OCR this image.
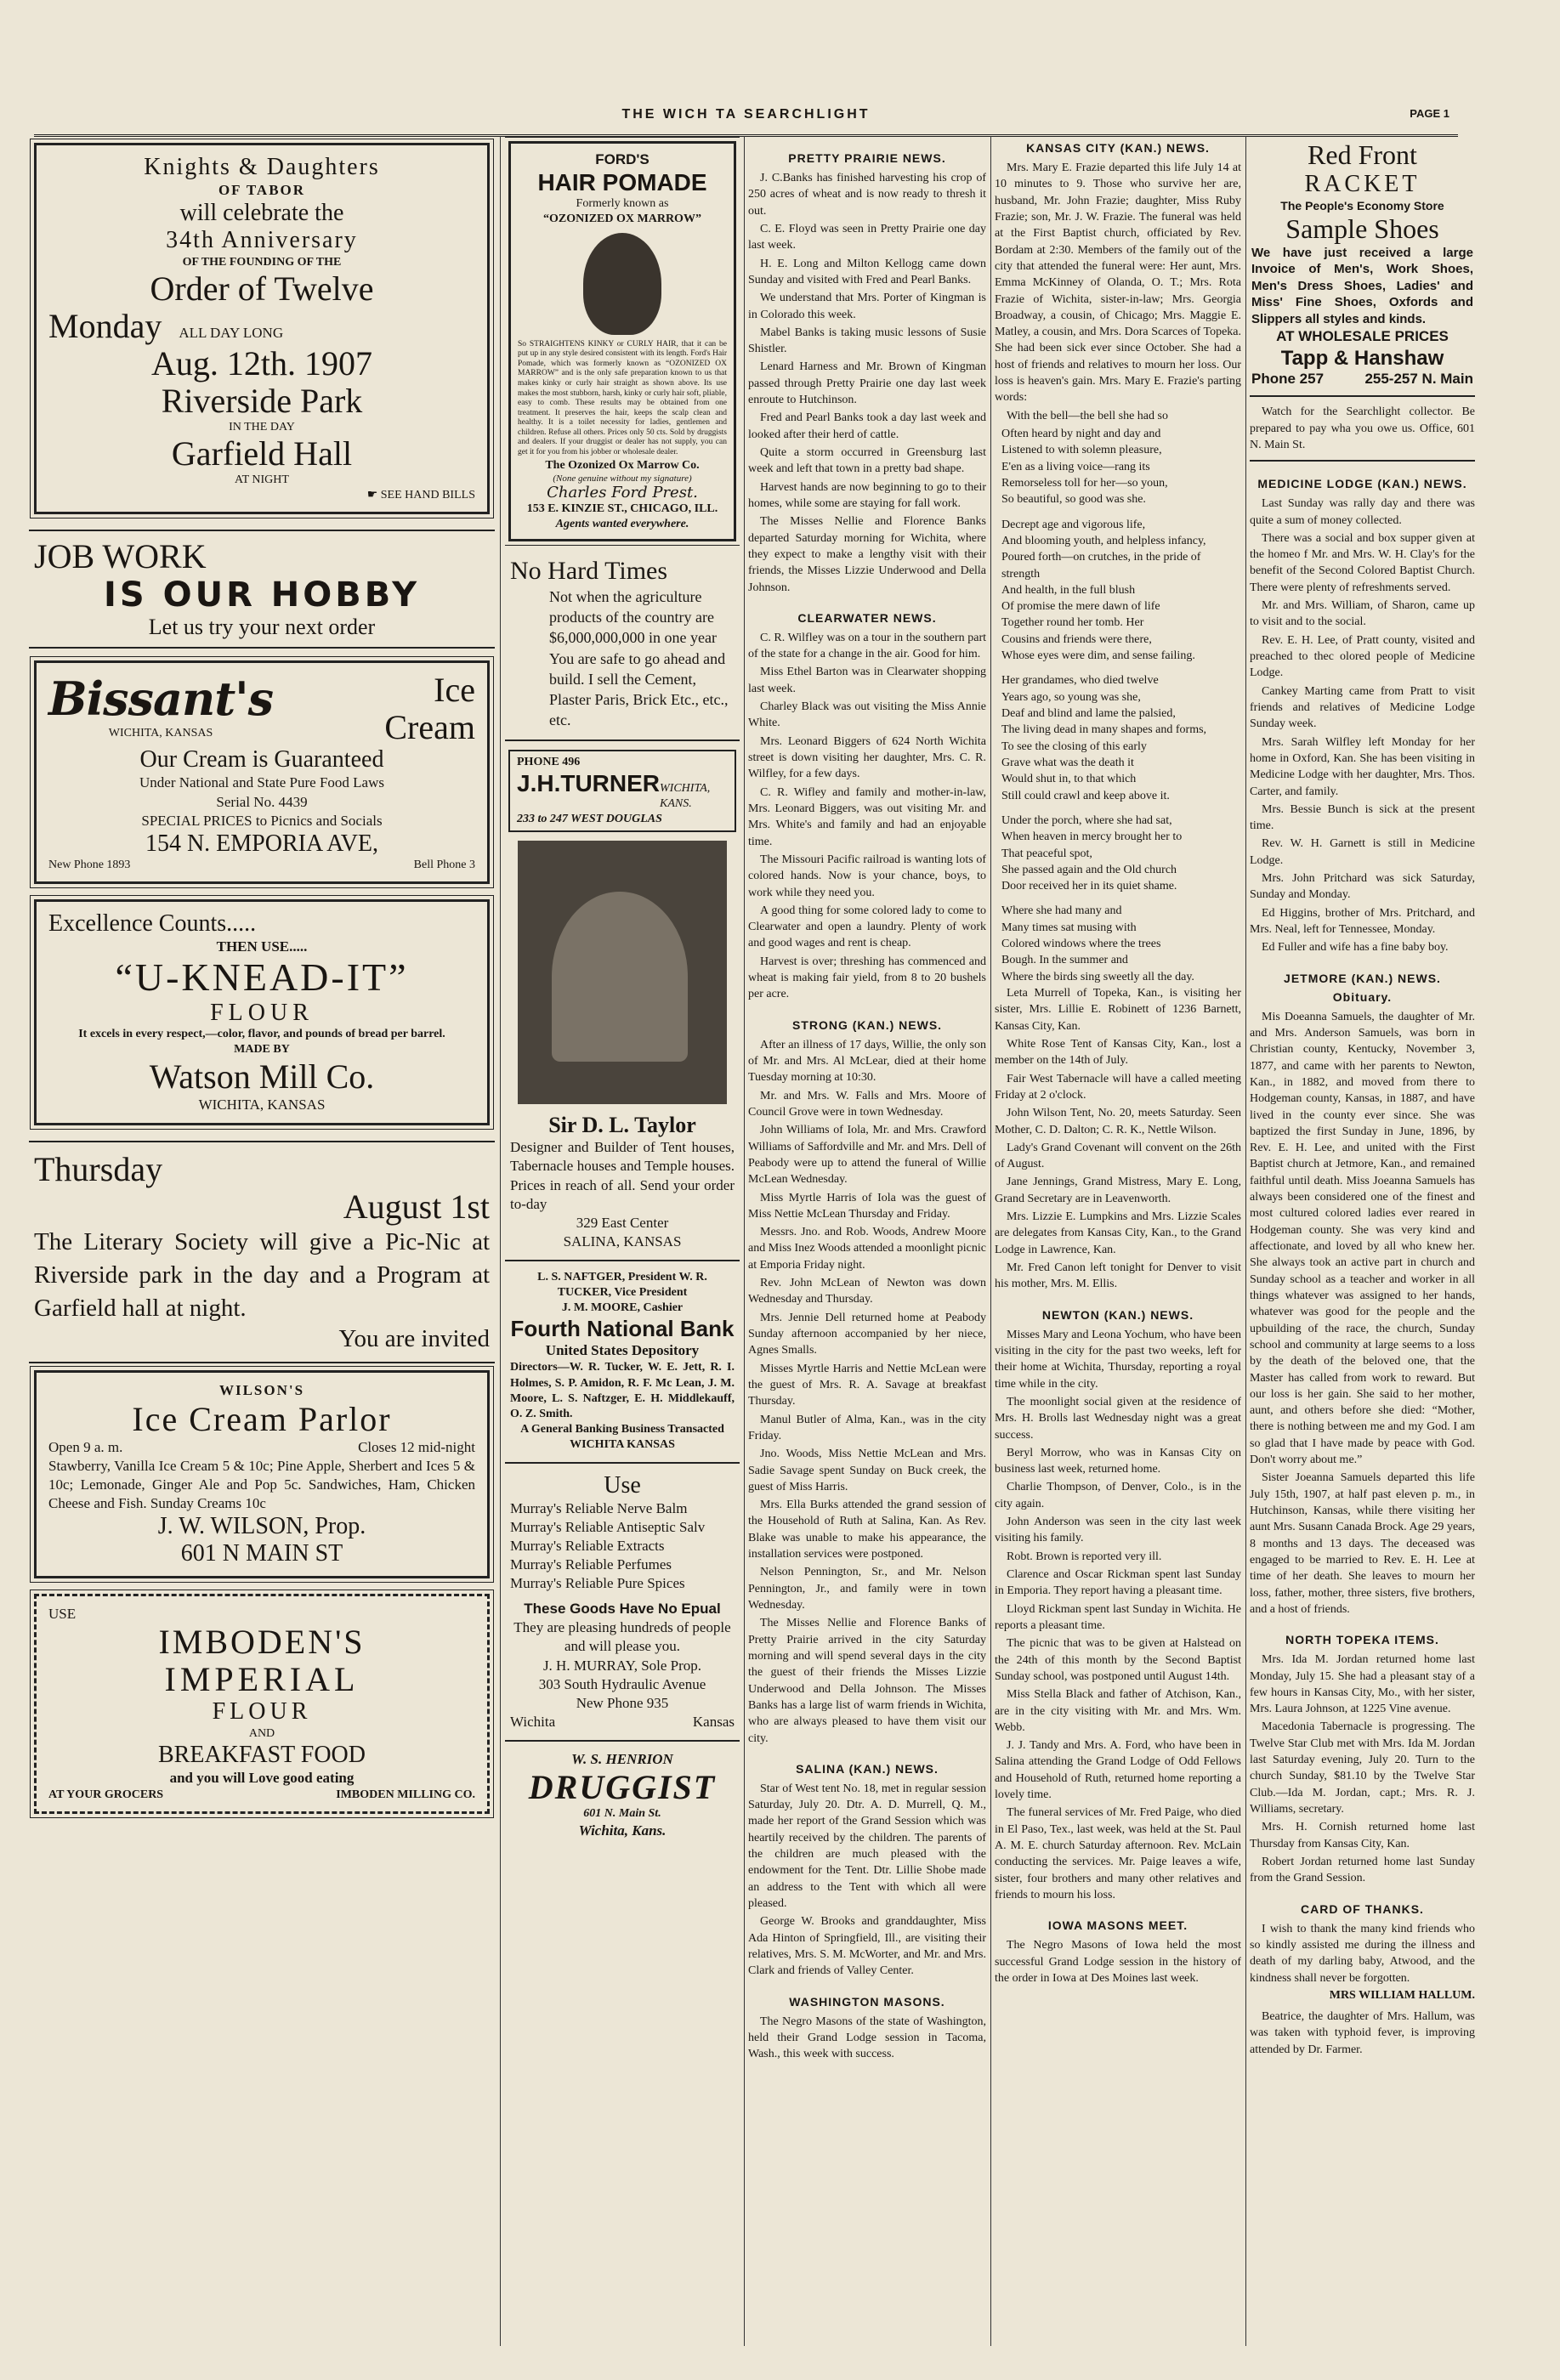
THE WICH TA SEARCHLIGHT	PAGE 1
Knights & Daughters
OF TABOR
will celebrate the
34th Anniversary
OF THE FOUNDING OF THE
Order of Twelve
Monday ALL DAY LONG
Aug. 12th. 1907
Riverside Park
IN THE DAY
Garfield Hall
AT NIGHT
☛ SEE HAND BILLS
JOB WORK
IS OUR HOBBY
Let us try your next order
Bissant's
WICHITA, KANSAS
Ice
Cream
Our Cream is Guaranteed
Under National and State Pure Food Laws
Serial No. 4439
SPECIAL PRICES to Picnics and Socials
154 N. EMPORIA AVE,
New Phone 1893	Bell Phone 3
Excellence Counts.....
THEN USE.....
“U-KNEAD-IT”
FLOUR
It excels in every respect,—color, flavor, and pounds of bread per barrel.
MADE BY
Watson Mill Co.
WICHITA, KANSAS
Thursday
August 1st
The Literary Society will give a Pic-Nic at Riverside park in the day and a Program at Garfield hall at night.
You are invited
WILSON'S
Ice Cream Parlor
Open 9 a. m.	Closes 12 mid-night
Stawberry, Vanilla Ice Cream 5 & 10c; Pine Apple, Sherbert and Ices 5 & 10c; Lemonade, Ginger Ale and Pop 5c. Sandwiches, Ham, Chicken Cheese and Fish. Sunday Creams 10c
J. W. WILSON, Prop.
601 N MAIN ST
USE
IMBODEN'S
IMPERIAL
FLOUR
AND
BREAKFAST FOOD
and you will Love good eating
AT YOUR GROCERS	IMBODEN MILLING CO.
FORD'S
HAIR POMADE
Formerly known as
“OZONIZED OX MARROW”
So STRAIGHTENS KINKY or CURLY HAIR, that it can be put up in any style desired consistent with its length. Ford's Hair Pomade, which was formerly known as “OZONIZED OX MARROW” and is the only safe preparation known to us that makes kinky or curly hair straight as shown above. Its use makes the most stubborn, harsh, kinky or curly hair soft, pliable, easy to comb. These results may be obtained from one treatment. It preserves the hair, keeps the scalp clean and healthy. It is a toilet necessity for ladies, gentlemen and children. Refuse all others. Prices only 50 cts. Sold by druggists and dealers. If your druggist or dealer has not supply, you can get it for you from his jobber or wholesale dealer.
The Ozonized Ox Marrow Co.
(None genuine without my signature)
Charles Ford Prest.
153 E. KINZIE ST., CHICAGO, ILL.
Agents wanted everywhere.
No Hard Times
Not when the agriculture products of the country are $6,000,000,000 in one year You are safe to go ahead and build. I sell the Cement, Plaster Paris, Brick Etc., etc., etc.
PHONE 496
J.H.TURNER WICHITA, KANS.
233 to 247 WEST DOUGLAS
Sir D. L. Taylor
Designer and Builder of Tent houses, Tabernacle houses and Temple houses. Prices in reach of all. Send your order to-day
329 East Center
SALINA, KANSAS
L. S. NAFTGER, President W. R. TUCKER, Vice President
J. M. MOORE, Cashier
Fourth National Bank
United States Depository
Directors—W. R. Tucker, W. E. Jett, R. I. Holmes, S. P. Amidon, R. F. Mc Lean, J. M. Moore, L. S. Naftzger, E. H. Middlekauff, O. Z. Smith.
A General Banking Business Transacted
WICHITA KANSAS
Use
Murray's Reliable Nerve Balm
Murray's Reliable Antiseptic Salv
Murray's Reliable Extracts
Murray's Reliable Perfumes
Murray's Reliable Pure Spices
These Goods Have No Epual
They are pleasing hundreds of people and will please you.
J. H. MURRAY, Sole Prop.
303 South Hydraulic Avenue
New Phone 935
Wichita	Kansas
W. S. HENRION
DRUGGIST
601 N. Main St.
Wichita, Kans.
PRETTY PRAIRIE NEWS.

J. C.Banks has finished harvesting his crop of 250 acres of wheat and is now ready to thresh it out.

C. E. Floyd was seen in Pretty Prairie one day last week.

H. E. Long and Milton Kellogg came down Sunday and visited with Fred and Pearl Banks.

We understand that Mrs. Porter of Kingman is in Colorado this week.

Mabel Banks is taking music lessons of Susie Shistler.

Lenard Harness and Mr. Brown of Kingman passed through Pretty Prairie one day last week enroute to Hutchinson.

Fred and Pearl Banks took a day last week and looked after their herd of cattle.

Quite a storm occurred in Greensburg last week and left that town in a pretty bad shape.

Harvest hands are now beginning to go to their homes, while some are staying for fall work.

The Misses Nellie and Florence Banks departed Saturday morning for Wichita, where they expect to make a lengthy visit with their friends, the Misses Lizzie Underwood and Della Johnson.

CLEARWATER NEWS.

C. R. Wilfley was on a tour in the southern part of the state for a change in the air. Good for him.

Miss Ethel Barton was in Clearwater shopping last week.

Charley Black was out visiting the Miss Annie White.

Mrs. Leonard Biggers of 624 North Wichita street is down visiting her daughter, Mrs. C. R. Wilfley, for a few days.

C. R. Wifley and family and mother-in-law, Mrs. Leonard Biggers, was out visiting Mr. and Mrs. White's and family and had an enjoyable time.

The Missouri Pacific railroad is wanting lots of colored hands. Now is your chance, boys, to work while they need you.

A good thing for some colored lady to come to Clearwater and open a laundry. Plenty of work and good wages and rent is cheap.

Harvest is over; threshing has commenced and wheat is making fair yield, from 8 to 20 bushels per acre.

STRONG (KAN.) NEWS.

After an illness of 17 days, Willie, the only son of Mr. and Mrs. Al McLear, died at their home Tuesday morning at 10:30.

Mr. and Mrs. W. Falls and Mrs. Moore of Council Grove were in town Wednesday.

John Williams of Iola, Mr. and Mrs. Crawford Williams of Saffordville and Mr. and Mrs. Dell of Peabody were up to attend the funeral of Willie McLean Wednesday.

Miss Myrtle Harris of Iola was the guest of Miss Nettie McLean Thursday and Friday.

Messrs. Jno. and Rob. Woods, Andrew Moore and Miss Inez Woods attended a moonlight picnic at Emporia Friday night.

Rev. John McLean of Newton was down Wednesday and Thursday.

Mrs. Jennie Dell returned home at Peabody Sunday afternoon accompanied by her niece, Agnes Smalls.

Misses Myrtle Harris and Nettie McLean were the guest of Mrs. R. A. Savage at breakfast Thursday.

Manul Butler of Alma, Kan., was in the city Friday.

Jno. Woods, Miss Nettie McLean and Mrs. Sadie Savage spent Sunday on Buck creek, the guest of Miss Harris.

Mrs. Ella Burks attended the grand session of the Household of Ruth at Salina, Kan. As Rev. Blake was unable to make his appearance, the installation services were postponed.

Nelson Pennington, Sr., and Mr. Nelson Pennington, Jr., and family were in town Wednesday.

The Misses Nellie and Florence Banks of Pretty Prairie arrived in the city Saturday morning and will spend several days in the city the guest of their friends the Misses Lizzie Underwood and Della Johnson. The Misses Banks has a large list of warm friends in Wichita, who are always pleased to have them visit our city.

SALINA (KAN.) NEWS.

Star of West tent No. 18, met in regular session Saturday, July 20. Dtr. A. D. Murrell, Q. M., made her report of the Grand Session which was heartily received by the children. The parents of the children are much pleased with the endowment for the Tent. Dtr. Lillie Shobe made an address to the Tent with which all were pleased.

George W. Brooks and granddaughter, Miss Ada Hinton of Springfield, Ill., are visiting their relatives, Mrs. S. M. McWorter, and Mr. and Mrs. Clark and friends of Valley Center.

WASHINGTON MASONS.

The Negro Masons of the state of Washington, held their Grand Lodge session in Tacoma, Wash., this week with success.

KANSAS CITY (KAN.) NEWS.

Mrs. Mary E. Frazie departed this life July 14 at 10 minutes to 9. Those who survive her are, husband, Mr. John Frazie; daughter, Miss Ruby Frazie; son, Mr. J. W. Frazie. The funeral was held at the First Baptist church, officiated by Rev. Bordam at 2:30. Members of the family out of the city that attended the funeral were: Her aunt, Mrs. Emma McKinney of Olanda, O. T.; Mrs. Rota Frazie of Wichita, sister-in-law; Mrs. Georgia Broadway, a cousin, of Chicago; Mrs. Maggie E. Matley, a cousin, and Mrs. Dora Scarces of Topeka. She had been sick ever since October. She had a host of friends and relatives to mourn her loss. Our loss is heaven's gain. Mrs. Mary E. Frazie's parting words:

With the bell—the bell she had so

Often heard by night and day and
Listened to with solemn pleasure,
E'en as a living voice—rang its
Remorseless toll for her—so youn,
So beautiful, so good was she.
Decrept age and vigorous life,
And blooming youth, and helpless infancy,
Poured forth—on crutches, in the pride of strength
And health, in the full blush
Of promise the mere dawn of life
Together round her tomb. Her
Cousins and friends were there,
Whose eyes were dim, and sense failing.
Her grandames, who died twelve
Years ago, so young was she,
Deaf and blind and lame the palsied,
The living dead in many shapes and forms,
To see the closing of this early
Grave what was the death it
Would shut in, to that which
Still could crawl and keep above it.
Under the porch, where she had sat,
When heaven in mercy brought her to
That peaceful spot,
She passed again and the Old church
Door received her in its quiet shame.
Where she had many and
Many times sat musing with
Colored windows where the trees
Bough. In the summer and
Where the birds sing sweetly all the day.

Leta Murrell of Topeka, Kan., is visiting her sister, Mrs. Lillie E. Robinett of 1236 Barnett, Kansas City, Kan.

White Rose Tent of Kansas City, Kan., lost a member on the 14th of July.

Fair West Tabernacle will have a called meeting Friday at 2 o'clock.

John Wilson Tent, No. 20, meets Saturday. Seen Mother, C. D. Dalton; C. R. K., Nettle Wilson.

Lady's Grand Covenant will convent on the 26th of August.

Jane Jennings, Grand Mistress, Mary E. Long, Grand Secretary are in Leavenworth.

Mrs. Lizzie E. Lumpkins and Mrs. Lizzie Scales are delegates from Kansas City, Kan., to the Grand Lodge in Lawrence, Kan.

Mr. Fred Canon left tonight for Denver to visit his mother, Mrs. M. Ellis.

NEWTON (KAN.) NEWS.

Misses Mary and Leona Yochum, who have been visiting in the city for the past two weeks, left for their home at Wichita, Thursday, reporting a royal time while in the city.

The moonlight social given at the residence of Mrs. H. Brolls last Wednesday night was a great success.

Beryl Morrow, who was in Kansas City on business last week, returned home.

Charlie Thompson, of Denver, Colo., is in the city again.

John Anderson was seen in the city last week visiting his family.

Robt. Brown is reported very ill.

Clarence and Oscar Rickman spent last Sunday in Emporia. They report having a pleasant time.

Lloyd Rickman spent last Sunday in Wichita. He reports a pleasant time.

The picnic that was to be given at Halstead on the 24th of this month by the Second Baptist Sunday school, was postponed until August 14th.

Miss Stella Black and father of Atchison, Kan., are in the city visiting with Mr. and Mrs. Wm. Webb.

J. J. Tandy and Mrs. A. Ford, who have been in Salina attending the Grand Lodge of Odd Fellows and Household of Ruth, returned home reporting a lovely time.

The funeral services of Mr. Fred Paige, who died in El Paso, Tex., last week, was held at the St. Paul A. M. E. church Saturday afternoon. Rev. McLain conducting the services. Mr. Paige leaves a wife, sister, four brothers and many other relatives and friends to mourn his loss.

IOWA MASONS MEET.

The Negro Masons of Iowa held the most successful Grand Lodge session in the history of the order in Iowa at Des Moines last week.

Red Front
RACKET
The People's Economy Store
Sample Shoes
We have just received a large Invoice of Men's, Work Shoes, Men's Dress Shoes, Ladies' and Miss' Fine Shoes, Oxfords and Slippers all styles and kinds.
AT WHOLESALE PRICES
Tapp & Hanshaw
Phone 257	255-257 N. Main

Watch for the Searchlight collector. Be prepared to pay wha you owe us. Office, 601 N. Main St.

MEDICINE LODGE (KAN.) NEWS.

Last Sunday was rally day and there was quite a sum of money collected.

There was a social and box supper given at the homeo f Mr. and Mrs. W. H. Clay's for the benefit of the Second Colored Baptist Church. There were plenty of refreshments served.

Mr. and Mrs. William, of Sharon, came up to visit and to the social.

Rev. E. H. Lee, of Pratt county, visited and preached to thec olored people of Medicine Lodge.

Cankey Marting came from Pratt to visit friends and relatives of Medicine Lodge Sunday week.

Mrs. Sarah Wilfley left Monday for her home in Oxford, Kan. She has been visiting in Medicine Lodge with her daughter, Mrs. Thos. Carter, and family.

Mrs. Bessie Bunch is sick at the present time.

Rev. W. H. Garnett is still in Medicine Lodge.

Mrs. John Pritchard was sick Saturday, Sunday and Monday.

Ed Higgins, brother of Mrs. Pritchard, and Mrs. Neal, left for Tennessee, Monday.

Ed Fuller and wife has a fine baby boy.

JETMORE (KAN.) NEWS.
Obituary.

Mis Doeanna Samuels, the daughter of Mr. and Mrs. Anderson Samuels, was born in Christian county, Kentucky, November 3, 1877, and came with her parents to Newton, Kan., in 1882, and moved from there to Hodgeman county, Kansas, in 1887, and have lived in the county ever since. She was baptized the first Sunday in June, 1896, by Rev. E. H. Lee, and united with the First Baptist church at Jetmore, Kan., and remained faithful until death. Miss Joeanna Samuels has always been considered one of the finest and most cultured colored ladies ever reared in Hodgeman county. She was very kind and affectionate, and loved by all who knew her. She always took an active part in church and Sunday school as a teacher and worker in all things whatever was assigned to her hands, whatever was good for the people and the upbuilding of the race, the church, Sunday school and community at large seems to a loss by the death of the beloved one, that the Master has called from work to reward. But our loss is her gain. She said to her mother, aunt, and others before she died: “Mother, there is nothing between me and my God. I am so glad that I have made by peace with God. Don't worry about me.”

Sister Joeanna Samuels departed this life July 15th, 1907, at half past eleven p. m., in Hutchinson, Kansas, while there visiting her aunt Mrs. Susann Canada Brock. Age 29 years, 8 months and 13 days. The deceased was engaged to be married to Rev. E. H. Lee at time of her death. She leaves to mourn her loss, father, mother, three sisters, five brothers, and a host of friends.

NORTH TOPEKA ITEMS.

Mrs. Ida M. Jordan returned home last Monday, July 15. She had a pleasant stay of a few hours in Kansas City, Mo., with her sister, Mrs. Laura Johnson, at 1225 Vine avenue.

Macedonia Tabernacle is progressing. The Twelve Star Club met with Mrs. Ida M. Jordan last Saturday evening, July 20. Turn to the church Sunday, $81.10 by the Twelve Star Club.—Ida M. Jordan, capt.; Mrs. R. J. Williams, secretary.

Mrs. H. Cornish returned home last Thursday from Kansas City, Kan.

Robert Jordan returned home last Sunday from the Grand Session.

CARD OF THANKS.

I wish to thank the many kind friends who so kindly assisted me during the illness and death of my darling baby, Atwood, and the kindness shall never be forgotten.

MRS WILLIAM HALLUM.

Beatrice, the daughter of Mrs. Hallum, was was taken with typhoid fever, is improving attended by Dr. Farmer.
